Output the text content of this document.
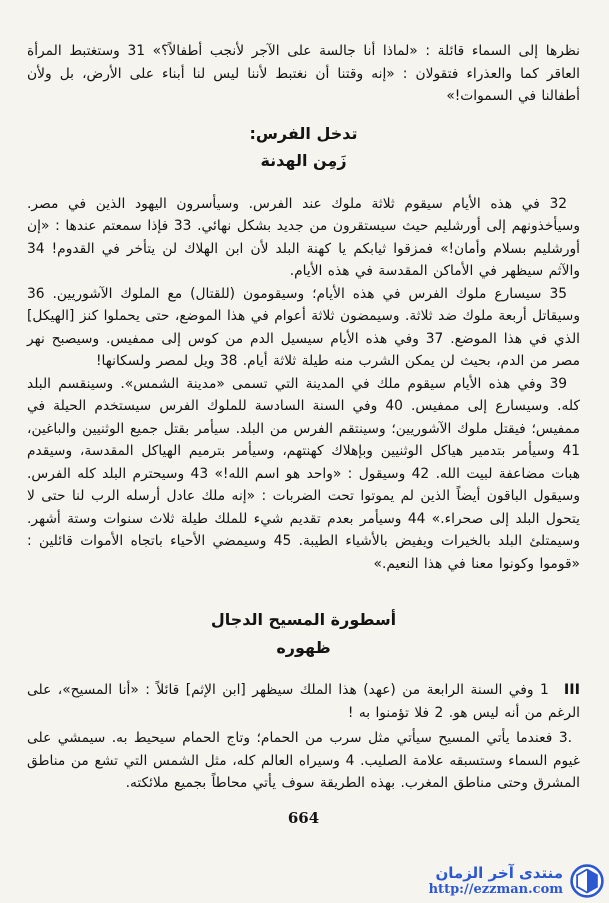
نظرها إلى السماء قائلة : «لماذا أنا جالسة على الآجر لأنجب أطفالاً؟» 31 وستغتبط المرأة العاقر كما والعذراء فتقولان : «إنه وقتنا أن نغتبط لأننا ليس لنا أبناء على الأرض، بل ولأن أطفالنا في السموات!»

تدخل الفرس:
زَمِن الهدنة

32 في هذه الأيام سيقوم ثلاثة ملوك عند الفرس. وسيأسرون اليهود الذين في مصر. وسيأخذونهم إلى أورشليم حيث سيستقرون من جديد بشكل نهائي. 33 فإذا سمعتم عندها : «إن أورشليم بسلام وأمان!» فمزقوا ثيابكم يا كهنة البلد لأن ابن الهلاك لن يتأخر في القدوم! 34 والآثم سيظهر في الأماكن المقدسة في هذه الأيام.

35 سيسارع ملوك الفرس في هذه الأيام؛ وسيقومون (للقتال) مع الملوك الآشوريين. 36 وسيقاتل أربعة ملوك ضد ثلاثة. وسيمضون ثلاثة أعوام في هذا الموضع، حتى يحملوا كنز [الهيكل] الذي في هذا الموضع. 37 وفي هذه الأيام سيسيل الدم من كوس إلى ممفيس. وسيصبح نهر مصر من الدم، بحيث لن يمكن الشرب منه طيلة ثلاثة أيام. 38 ويل لمصر ولسكانها!

39 وفي هذه الأيام سيقوم ملك في المدينة التي تسمى «مدينة الشمس». وسينقسم البلد كله. وسيسارع إلى ممفيس. 40 وفي السنة السادسة للملوك الفرس سيستخدم الحيلة في ممفيس؛ فيقتل ملوك الآشوريين؛ وسينتقم الفرس من البلد. سيأمر بقتل جميع الوثنيين والباغين، 41 وسيأمر بتدمير هياكل الوثنيين وبإهلاك كهنتهم، وسيأمر بترميم الهياكل المقدسة، وسيقدم هبات مضاعفة لبيت الله. 42 وسيقول : «واحد هو اسم الله!» 43 وسيحترم البلد كله الفرس. وسيقول الباقون أيضاً الذين لم يموتوا تحت الضربات : «إنه ملك عادل أرسله الرب لنا حتى لا يتحول البلد إلى صحراء.» 44 وسيأمر بعدم تقديم شيء للملك طيلة ثلاث سنوات وستة أشهر. وسيمتلئ البلد بالخيرات ويفيض بالأشياء الطيبة. 45 وسيمضي الأحياء باتجاه الأموات قائلين : «قوموا وكونوا معنا في هذا النعيم.»

أسطورة المسيح الدجال
ظهوره

III1 وفي السنة الرابعة من (عهد) هذا الملك سيظهر [ابن الإثم] قائلاً : «أنا المسيح»، على الرغم من أنه ليس هو. 2 فلا تؤمنوا به !

.3 فعندما يأتي المسيح سيأتي مثل سرب من الحمام؛ وتاج الحمام سيحيط به. سيمشي على غيوم السماء وستسبقه علامة الصليب. 4 وسيراه العالم كله، مثل الشمس التي تشع من مناطق المشرق وحتى مناطق المغرب. بهذه الطريقة سوف يأتي محاطاً بجميع ملائكته.

664
منتدى آخر الزمان
http://ezzman.com
